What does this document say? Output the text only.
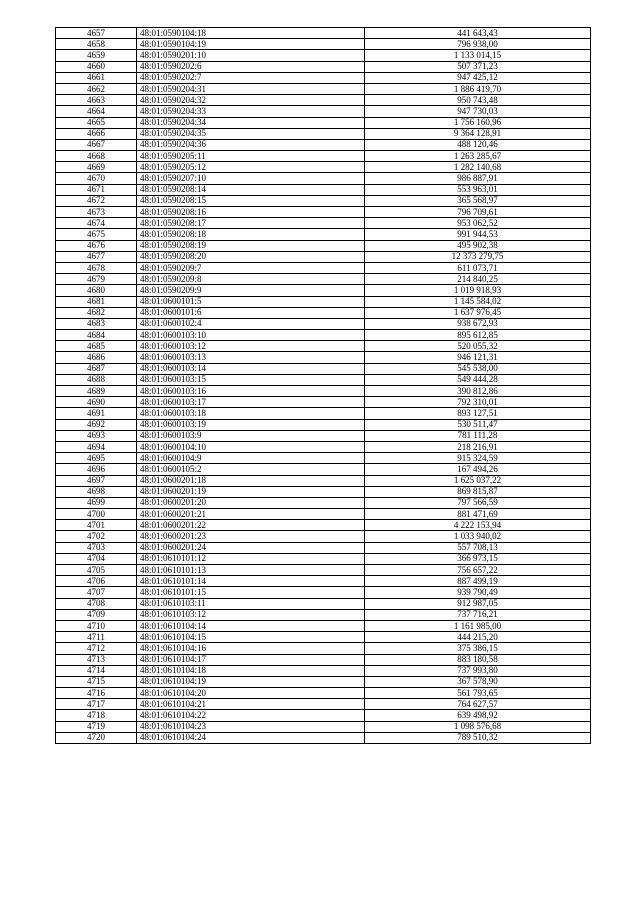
4657	48:01:0590104:18	441 643,43
4658	48:01:0590104:19	796 938,00
4659	48:01:0590201:10	1 133 014,15
4660	48:01:0590202:6	507 371,23
4661	48:01:0590202:7	947 425,12
4662	48:01:0590204:31	1 886 419,70
4663	48:01:0590204:32	950 743,48
4664	48:01:0590204:33	947 730,03
4665	48:01:0590204:34	1 756 160,96
4666	48:01:0590204:35	9 364 128,91
4667	48:01:0590204:36	488 120,46
4668	48:01:0590205:11	1 263 285,67
4669	48:01:0590205:12	1 282 140,68
4670	48:01:0590207:10	986 887,91
4671	48:01:0590208:14	553 963,01
4672	48:01:0590208:15	365 568,97
4673	48:01:0590208:16	796 709,61
4674	48:01:0590208:17	953 062,52
4675	48:01:0590208:18	991 944,53
4676	48:01:0590208:19	495 902,38
4677	48:01:0590208:20	12 373 279,75
4678	48:01:0590209:7	611 073,71
4679	48:01:0590209:8	214 840,25
4680	48:01:0590209:9	1 019 918,93
4681	48:01:0600101:5	1 145 584,02
4682	48:01:0600101:6	1 637 976,45
4683	48:01:0600102:4	938 672,93
4684	48:01:0600103:10	895 612,85
4685	48:01:0600103:12	520 055,32
4686	48:01:0600103:13	946 121,31
4687	48:01:0600103:14	545 538,00
4688	48:01:0600103:15	549 444,28
4689	48:01:0600103:16	390 812,86
4690	48:01:0600103:17	792 310,01
4691	48:01:0600103:18	893 127,51
4692	48:01:0600103:19	530 511,47
4693	48:01:0600103:9	781 111,28
4694	48:01:0600104:10	218 216,91
4695	48:01:0600104:9	915 324,59
4696	48:01:0600105:2	167 494,26
4697	48:01:0600201:18	1 625 037,22
4698	48:01:0600201:19	869 815,87
4699	48:01:0600201:20	797 566,59
4700	48:01:0600201:21	881 471,69
4701	48:01:0600201:22	4 222 153,94
4702	48:01:0600201:23	1 033 940,02
4703	48:01:0600201:24	557 708,13
4704	48:01:0610101:12	366 973,15
4705	48:01:0610101:13	756 657,22
4706	48:01:0610101:14	887 499,19
4707	48:01:0610101:15	939 790,49
4708	48:01:0610103:11	912 987,05
4709	48:01:0610103:12	737 716,21
4710	48:01:0610104:14	1 161 985,00
4711	48:01:0610104:15	444 215,20
4712	48:01:0610104:16	375 386,15
4713	48:01:0610104:17	883 180,58
4714	48:01:0610104:18	737 993,80
4715	48:01:0610104:19	367 578,90
4716	48:01:0610104:20	561 793,65
4717	48:01:0610104:21	764 627,57
4718	48:01:0610104:22	639 498,92
4719	48:01:0610104:23	1 098 576,68
4720	48:01:0610104:24	789 510,32
